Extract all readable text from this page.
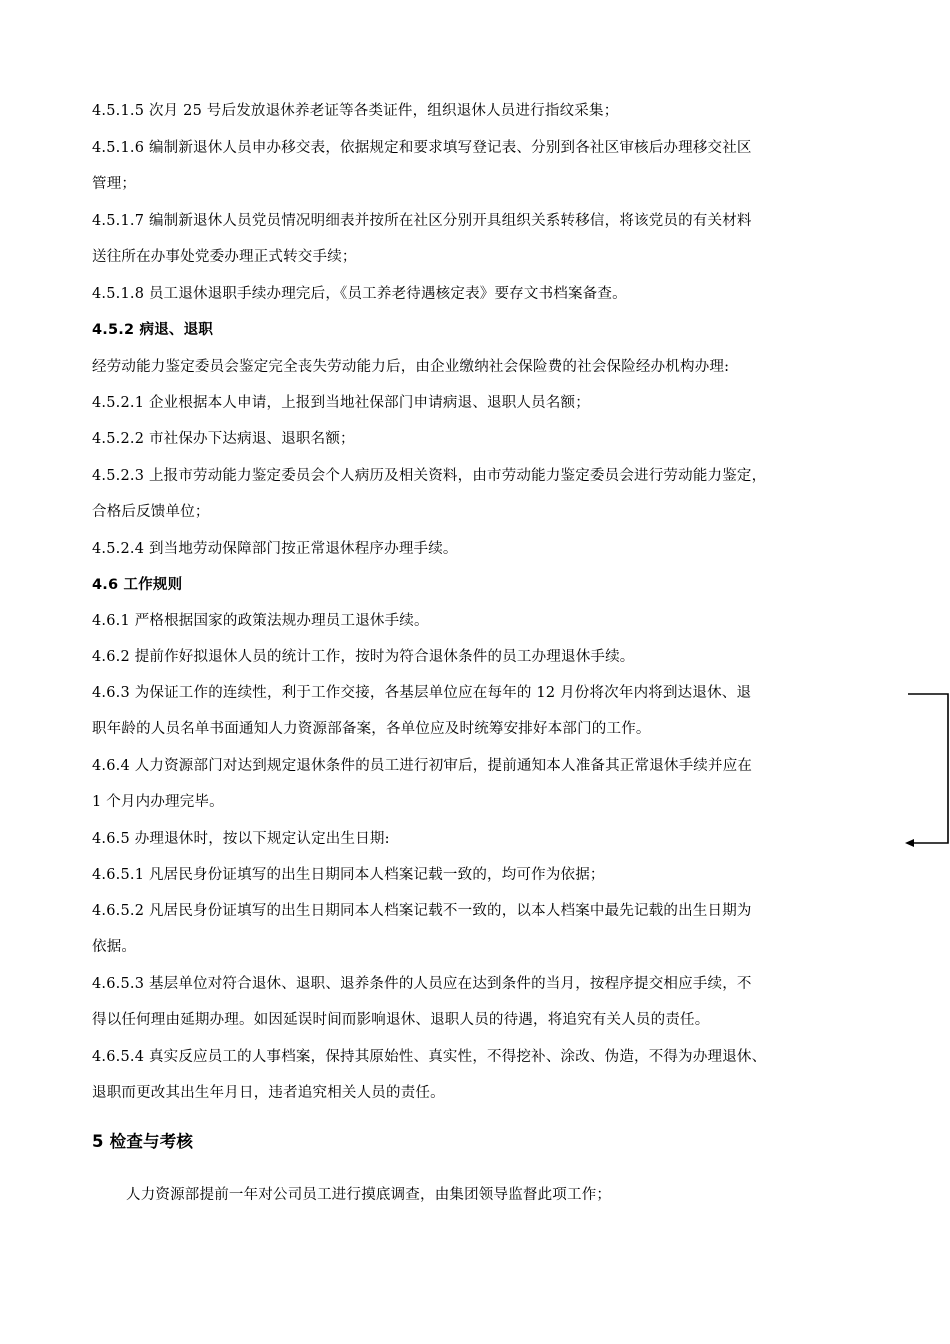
4.5.1.5 次月 25 号后发放退休养老证等各类证件，组织退休人员进行指纹采集；
4.5.1.6 编制新退休人员申办移交表，依据规定和要求填写登记表、分别到各社区审核后办理移交社区
管理；
4.5.1.7 编制新退休人员党员情况明细表并按所在社区分别开具组织关系转移信，将该党员的有关材料
送往所在办事处党委办理正式转交手续；
4.5.1.8 员工退休退职手续办理完后，《员工养老待遇核定表》要存文书档案备查。
4.5.2 病退、退职
经劳动能力鉴定委员会鉴定完全丧失劳动能力后，由企业缴纳社会保险费的社会保险经办机构办理:
4.5.2.1 企业根据本人申请，上报到当地社保部门申请病退、退职人员名额；
4.5.2.2 市社保办下达病退、退职名额；
4.5.2.3 上报市劳动能力鉴定委员会个人病历及相关资料，由市劳动能力鉴定委员会进行劳动能力鉴定，
合格后反馈单位；
4.5.2.4 到当地劳动保障部门按正常退休程序办理手续。
4.6 工作规则
4.6.1 严格根据国家的政策法规办理员工退休手续。
4.6.2 提前作好拟退休人员的统计工作，按时为符合退休条件的员工办理退休手续。
4.6.3 为保证工作的连续性，利于工作交接，各基层单位应在每年的 12 月份将次年内将到达退休、退
职年龄的人员名单书面通知人力资源部备案，各单位应及时统筹安排好本部门的工作。
4.6.4 人力资源部门对达到规定退休条件的员工进行初审后，提前通知本人准备其正常退休手续并应在
1 个月内办理完毕。
4.6.5 办理退休时，按以下规定认定出生日期:
4.6.5.1 凡居民身份证填写的出生日期同本人档案记载一致的，均可作为依据；
4.6.5.2 凡居民身份证填写的出生日期同本人档案记载不一致的，以本人档案中最先记载的出生日期为
依据。
4.6.5.3 基层单位对符合退休、退职、退养条件的人员应在达到条件的当月，按程序提交相应手续，不
得以任何理由延期办理。如因延误时间而影响退休、退职人员的待遇，将追究有关人员的责任。
4.6.5.4 真实反应员工的人事档案，保持其原始性、真实性，不得挖补、涂改、伪造，不得为办理退休、
退职而更改其出生年月日，违者追究相关人员的责任。
5 检查与考核
人力资源部提前一年对公司员工进行摸底调查，由集团领导监督此项工作；
